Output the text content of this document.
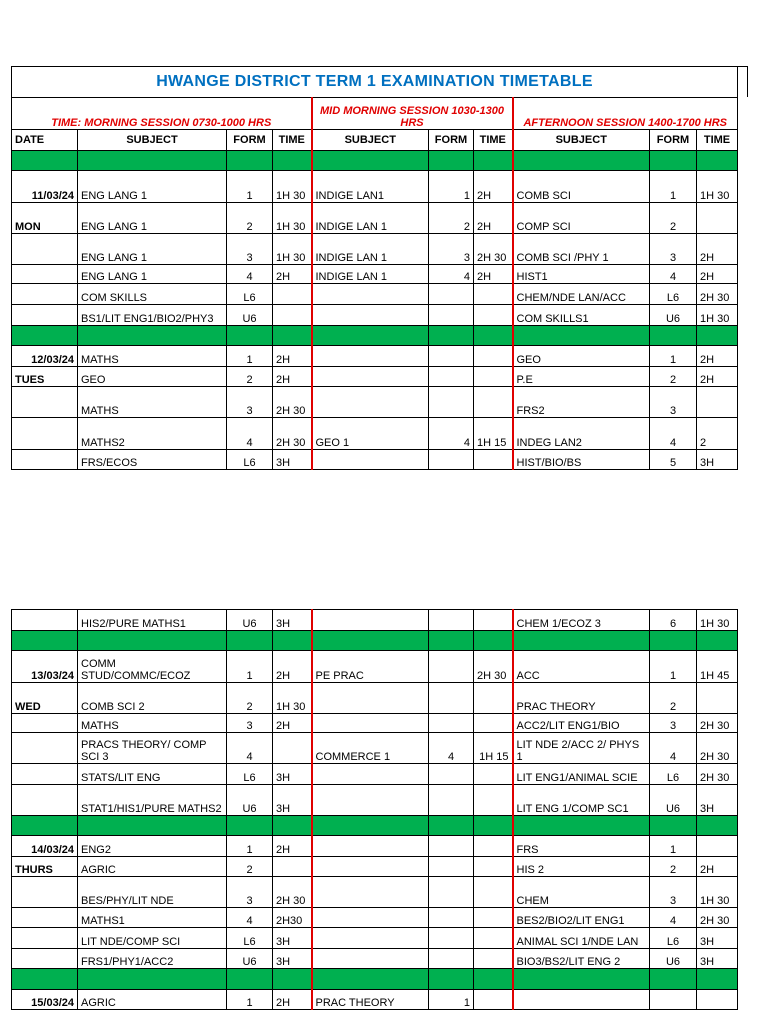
HWANGE DISTRICT TERM 1 EXAMINATION TIMETABLE									
TIME: MORNING SESSION 0730-1000 HRS				MID MORNING SESSION 1030-1300 HRS			AFTERNOON SESSION 1400-1700 HRS		
DATE	SUBJECT	FORM	TIME	SUBJECT	FORM	TIME	SUBJECT	FORM	TIME

11/03/24	ENG LANG 1	1	1H 30	INDIGE LAN1	1	2H	COMB SCI	1	1H 30
MON	ENG LANG 1	2	1H 30	INDIGE LAN 1	2	2H	COMP SCI	2	
	ENG LANG 1	3	1H 30	INDIGE LAN 1	3	2H 30	COMB SCI /PHY 1	3	2H
	ENG LANG 1	4	2H	INDIGE LAN 1	4	2H	HIST1	4	2H
	COM SKILLS	L6					CHEM/NDE LAN/ACC	L6	2H 30
	BS1/LIT ENG1/BIO2/PHY3	U6					COM SKILLS1	U6	1H 30

12/03/24	MATHS	1	2H				GEO	1	2H
TUES	GEO	2	2H				P.E	2	2H
	MATHS	3	2H 30				FRS2	3	
	MATHS2	4	2H 30	GEO 1	4	1H 15	INDEG LAN2	4	2
	FRS/ECOS	L6	3H				HIST/BIO/BS	5	3H
	HIS2/PURE MATHS1	U6	3H				CHEM 1/ECOZ 3	6	1H 30

13/03/24	COMM STUD/COMMC/ECOZ	1	2H	PE PRAC		2H 30	ACC	1	1H 45
WED	COMB SCI 2	2	1H 30				PRAC THEORY	2	
	MATHS	3	2H				ACC2/LIT ENG1/BIO	3	2H 30
	PRACS THEORY/ COMP SCI 3	4		COMMERCE 1	4	1H 15	LIT NDE 2/ACC 2/ PHYS 1	4	2H 30
	STATS/LIT ENG	L6	3H				LIT ENG1/ANIMAL SCIE	L6	2H 30
	STAT1/HIS1/PURE MATHS2	U6	3H				LIT ENG 1/COMP SC1	U6	3H

14/03/24	ENG2	1	2H				FRS	1	
THURS	AGRIC	2					HIS 2	2	2H
	BES/PHY/LIT NDE	3	2H 30				CHEM	3	1H 30
	MATHS1	4	2H30				BES2/BIO2/LIT ENG1	4	2H 30
	LIT NDE/COMP SCI	L6	3H				ANIMAL SCI 1/NDE LAN	L6	3H
	FRS1/PHY1/ACC2	U6	3H				BIO3/BS2/LIT ENG 2	U6	3H

15/03/24	AGRIC	1	2H	PRAC THEORY	1				
